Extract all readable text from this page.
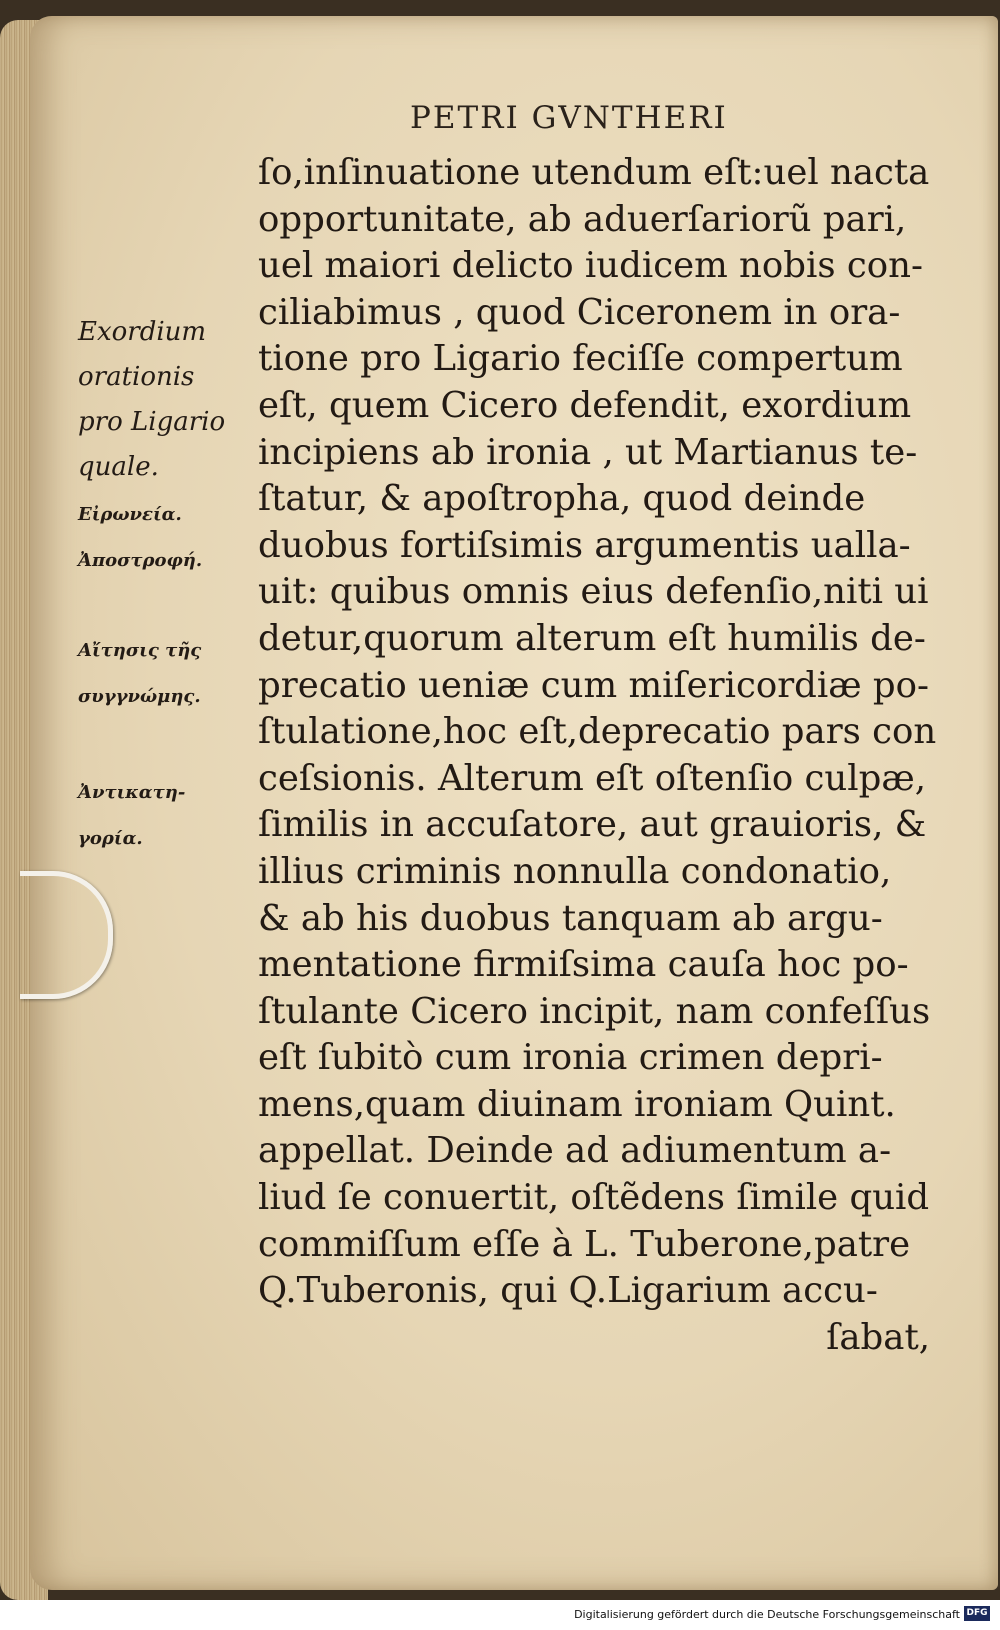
PETRI GVNTHERI
Exordium
orationis
pro Ligario
quale.
Εἰρωνεία.
Ἀποστροφή.
Αἴτησις τῆς
συγγνώμης.
Ἀντικατη-
γορία.
ſo,inſinuatione utendum eſt:uel nacta
opportunitate, ab aduerſariorũ pari,
uel maiori delicto iudicem nobis con-
ciliabimus , quod Ciceronem in ora-
tione pro Ligario feciſſe compertum
eſt, quem Cicero defendit, exordium
incipiens ab ironia , ut Martianus te-
ſtatur, & apoſtropha, quod deinde
duobus fortiſsimis argumentis ualla-
uit: quibus omnis eius defenſio,niti ui
detur,quorum alterum eſt humilis de-
precatio ueniæ cum miſericordiæ po-
ſtulatione,hoc eſt,deprecatio pars con
ceſsionis. Alterum eſt oſtenſio culpæ,
ſimilis in accuſatore, aut grauioris, &
illius criminis nonnulla condonatio,
& ab his duobus tanquam ab argu-
mentatione firmiſsima cauſa hoc po-
ſtulante Cicero incipit, nam confeſſus
eſt ſubitò cum ironia crimen depri-
mens,quam diuinam ironiam Quint.
appellat. Deinde ad adiumentum a-
liud ſe conuertit, oſtẽdens ſimile quid
commiſſum eſſe à L. Tuberone,patre
Q.Tuberonis, qui Q.Ligarium accu-
ſabat,
Digitalisierung gefördert durch die Deutsche Forschungsgemeinschaft DFG
